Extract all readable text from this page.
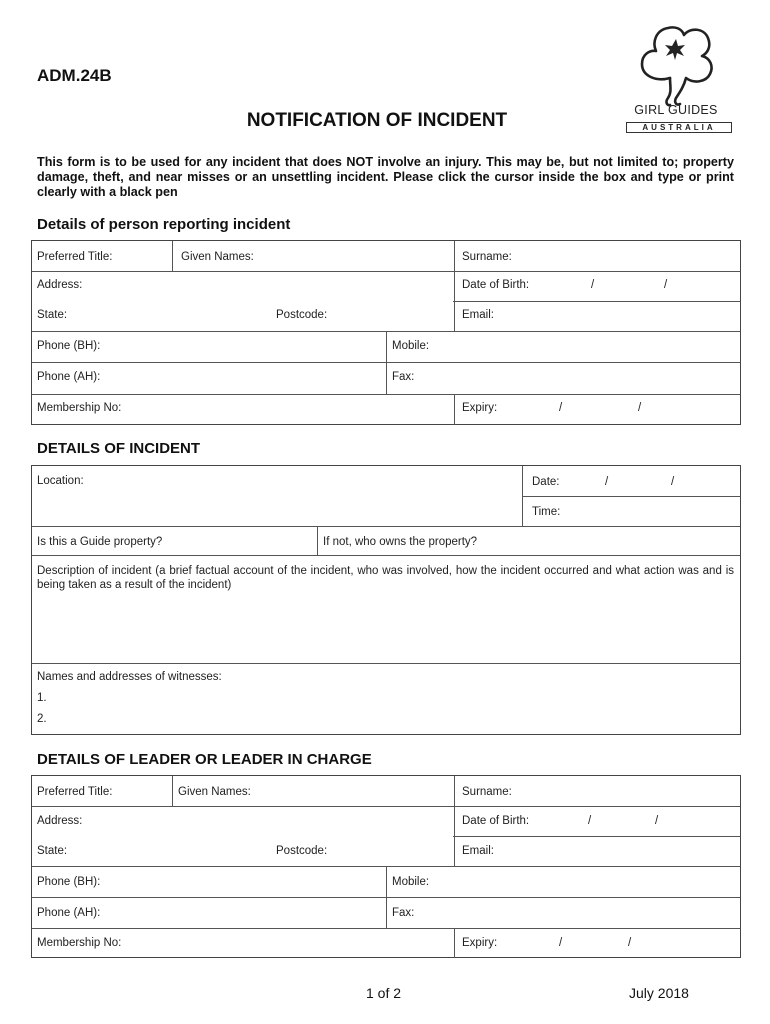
ADM.24B
NOTIFICATION OF INCIDENT	GIRL GUIDES
AUSTRALIA
This form is to be used for any incident that does NOT involve an injury. This may be, but not limited to; property damage, theft, and near misses or an unsettling incident. Please click the cursor inside the box and type or print clearly with a black pen
Details of person reporting incident
Preferred Title:	Given Names:	Surname:
Address:	Date of Birth:	/	/
State:	Postcode:	Email:
Phone (BH):	Mobile:
Phone (AH):	Fax:
Membership No:	Expiry:	/	/
DETAILS OF INCIDENT
Location:	Date:	/	/
Time:
Is this a Guide property?	If not, who owns the property?
Description of incident (a brief factual account of the incident, who was involved, how the incident occurred and what action was and is being taken as a result of the incident)
Names and addresses of witnesses:
1.
2.
DETAILS OF LEADER OR LEADER IN CHARGE
Preferred Title:	Given Names:	Surname:
Address:	Date of Birth:	/	/
State:	Postcode:	Email:
Phone (BH):	Mobile:
Phone (AH):	Fax:
Membership No:	Expiry:	/	/
1 of 2	July 2018
